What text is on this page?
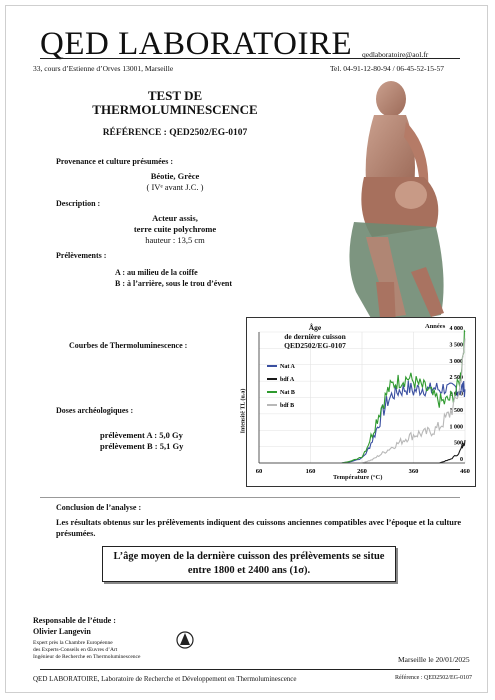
QED LABORATOIRE qedlaboratoire@aol.fr
33, cours d’Estienne d’Orves 13001, Marseille	Tel. 04-91-12-80-94 / 06-45-52-15-57
TEST DE
THERMOLUMINESCENCE
RÉFÉRENCE : QED2502/EG-0107
Provenance et culture présumées :
Béotie, Grèce
( IVᵉ avant J.C. )
Description :
Acteur assis,
terre cuite polychrome
hauteur : 13,5 cm
Prélèvements :
A : au milieu de la coiffe
B : à l’arrière, sous le trou d’évent
Courbes de Thermoluminescence :
Doses archéologiques :
prélèvement A : 5,0 Gy
prélèvement B : 5,1 Gy
4 000
3 500
3 000
2 500
2 000
1 500
1 000
500
0
60	160	260	360	460
Nat A
bdf A
Nat B
bdf B
Âge
de dernière cuisson
QED2502/EG-0107
Années
Température (°C)
Intensité TL (u.a)
Conclusion de l’analyse :
Les résultats obtenus sur les prélèvements indiquent des cuissons anciennes compatibles avec l’époque et la culture présumées.
L’âge moyen de la dernière cuisson des prélèvements se situe
entre 1800 et 2400 ans (1σ).
Responsable de l’étude :
Olivier Langevin
Expert près la Chambre Européenne
des Experts-Conseils en Œuvres d’Art
Ingénieur de Recherche en Thermoluminescence	Marseille le 20/01/2025
QED LABORATOIRE, Laboratoire de Recherche et Développement en Thermoluminescence	Référence : QED2502/EG-0107
